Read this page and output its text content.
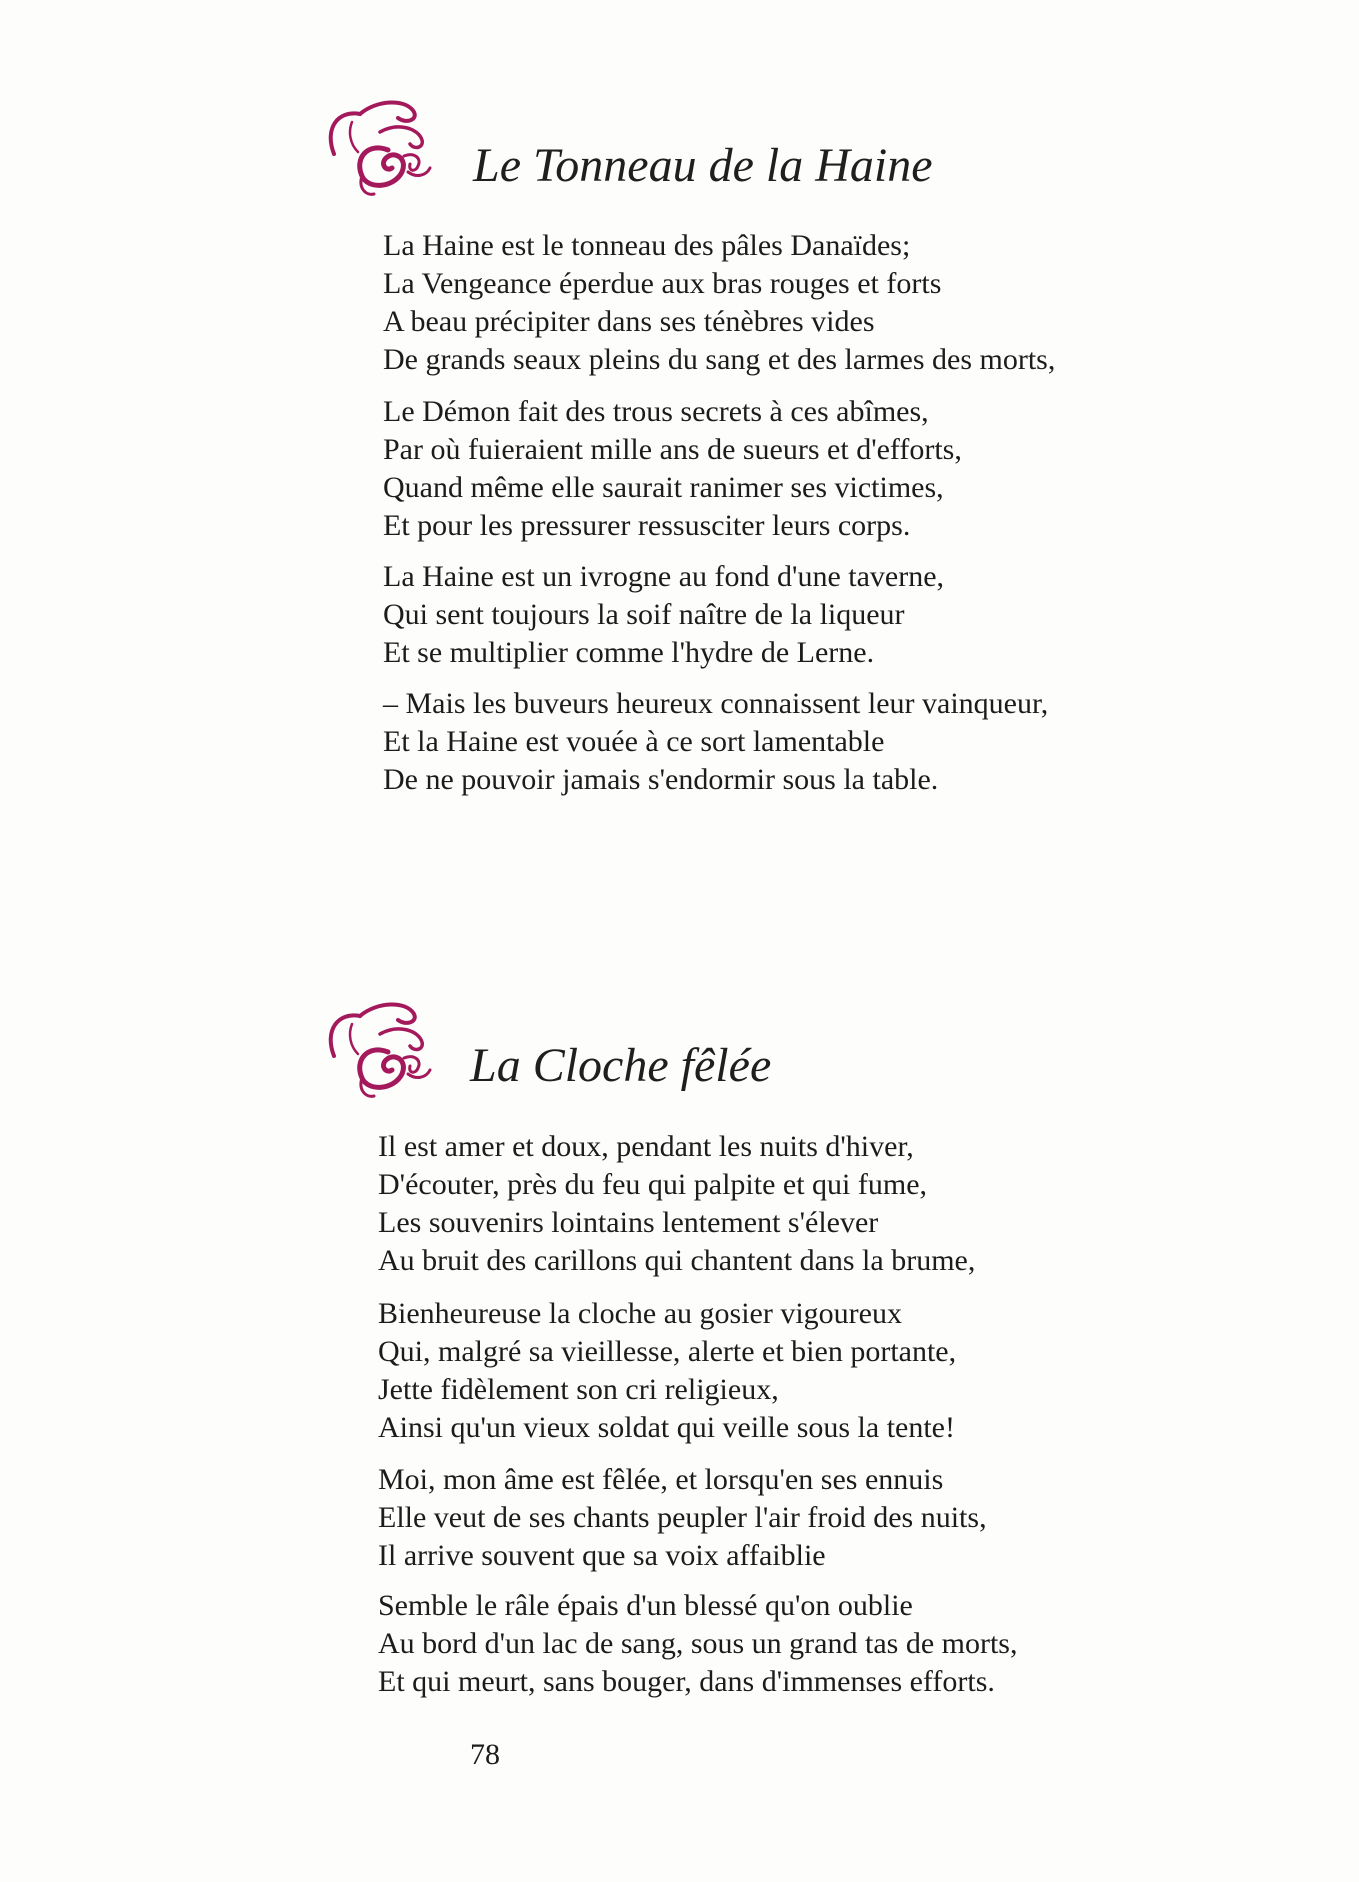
Le Tonneau de la Haine
La Haine est le tonneau des pâles Danaïdes;
La Vengeance éperdue aux bras rouges et forts
A beau précipiter dans ses ténèbres vides
De grands seaux pleins du sang et des larmes des morts,
Le Démon fait des trous secrets à ces abîmes,
Par où fuieraient mille ans de sueurs et d'efforts,
Quand même elle saurait ranimer ses victimes,
Et pour les pressurer ressusciter leurs corps.
La Haine est un ivrogne au fond d'une taverne,
Qui sent toujours la soif naître de la liqueur
Et se multiplier comme l'hydre de Lerne.
– Mais les buveurs heureux connaissent leur vainqueur,
Et la Haine est vouée à ce sort lamentable
De ne pouvoir jamais s'endormir sous la table.
La Cloche fêlée
Il est amer et doux, pendant les nuits d'hiver,
D'écouter, près du feu qui palpite et qui fume,
Les souvenirs lointains lentement s'élever
Au bruit des carillons qui chantent dans la brume,
Bienheureuse la cloche au gosier vigoureux
Qui, malgré sa vieillesse, alerte et bien portante,
Jette fidèlement son cri religieux,
Ainsi qu'un vieux soldat qui veille sous la tente!
Moi, mon âme est fêlée, et lorsqu'en ses ennuis
Elle veut de ses chants peupler l'air froid des nuits,
Il arrive souvent que sa voix affaiblie
Semble le râle épais d'un blessé qu'on oublie
Au bord d'un lac de sang, sous un grand tas de morts,
Et qui meurt, sans bouger, dans d'immenses efforts.
78
